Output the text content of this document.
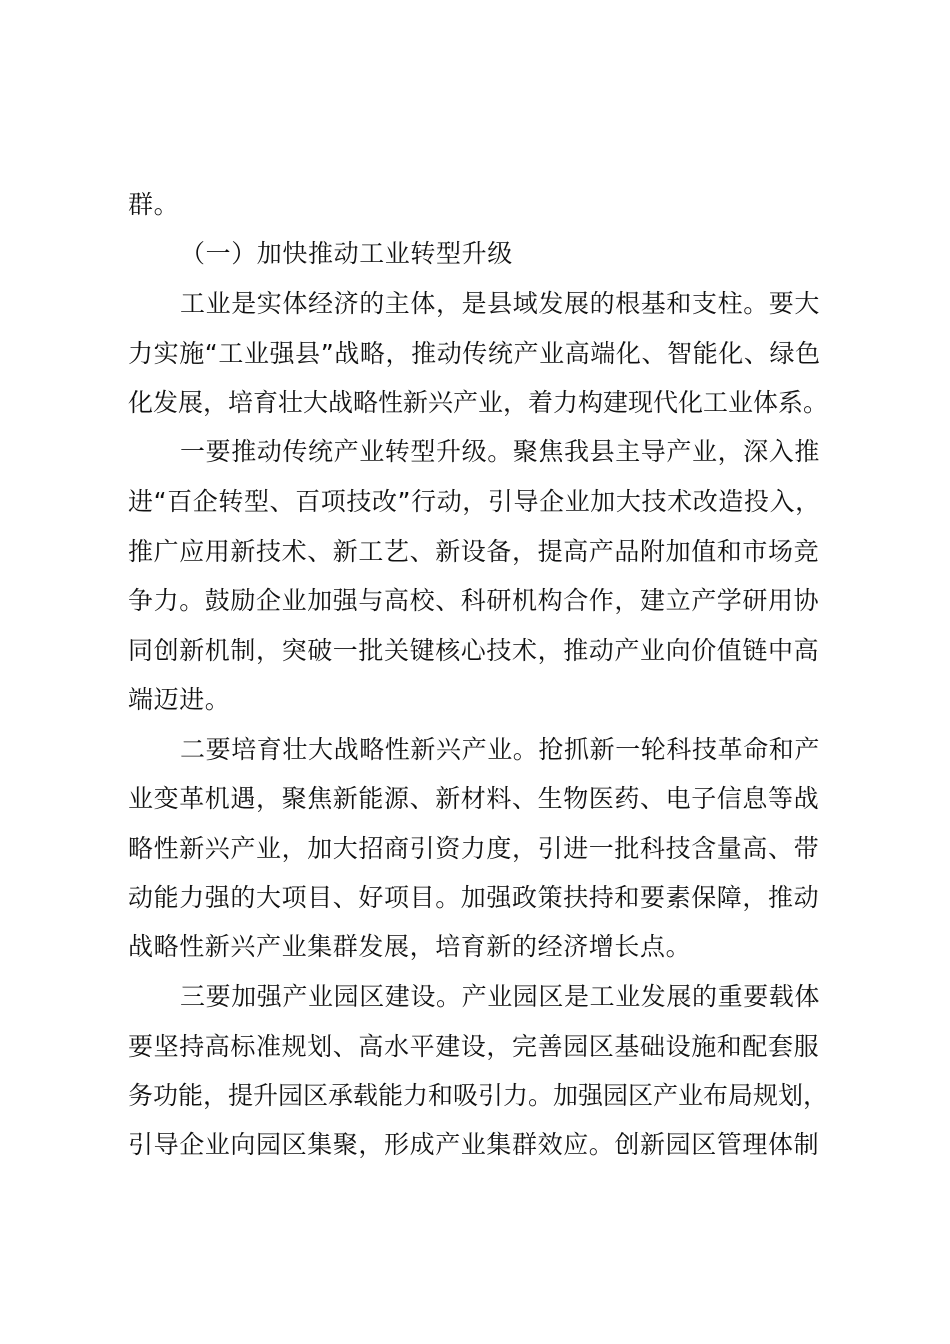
群。
（一）加快推动工业转型升级
工业是实体经济的主体，是县域发展的根基和支柱。要大
力实施“工业强县”战略，推动传统产业高端化、智能化、绿色
化发展，培育壮大战略性新兴产业，着力构建现代化工业体系。
一要推动传统产业转型升级。聚焦我县主导产业，深入推
进“百企转型、百项技改”行动，引导企业加大技术改造投入，
推广应用新技术、新工艺、新设备，提高产品附加值和市场竞
争力。鼓励企业加强与高校、科研机构合作，建立产学研用协
同创新机制，突破一批关键核心技术，推动产业向价值链中高
端迈进。
二要培育壮大战略性新兴产业。抢抓新一轮科技革命和产
业变革机遇，聚焦新能源、新材料、生物医药、电子信息等战
略性新兴产业，加大招商引资力度，引进一批科技含量高、带
动能力强的大项目、好项目。加强政策扶持和要素保障，推动
战略性新兴产业集群发展，培育新的经济增长点。
三要加强产业园区建设。产业园区是工业发展的重要载体
要坚持高标准规划、高水平建设，完善园区基础设施和配套服
务功能，提升园区承载能力和吸引力。加强园区产业布局规划，
引导企业向园区集聚，形成产业集群效应。创新园区管理体制
